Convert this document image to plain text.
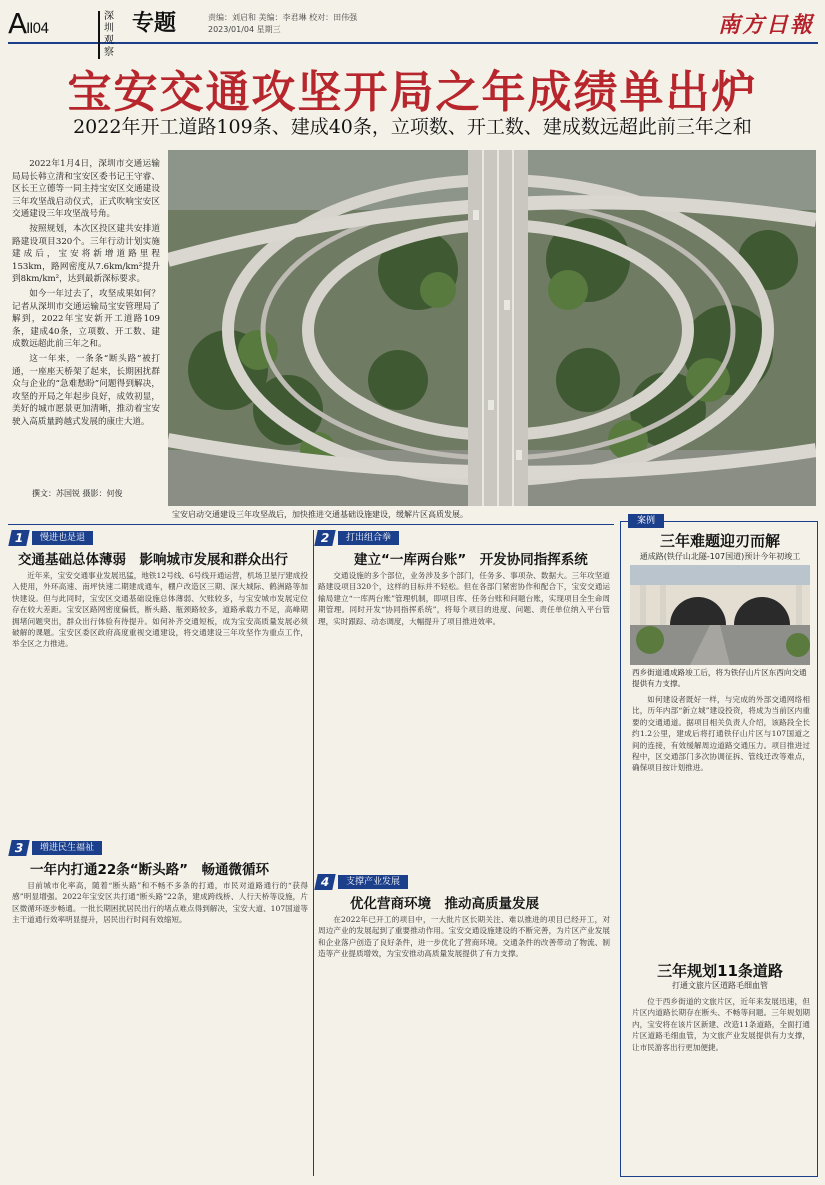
AII04
深圳观察
专题	责编：刘启和 美编：李君琳 校对：田伟强
2023/01/04 星期三	南方日報
宝安交通攻坚开局之年成绩单出炉
2022年开工道路109条、建成40条，立项数、开工数、建成数远超此前三年之和

2022年1月4日，深圳市交通运输局局长韩立清和宝安区委书记王守睿、区长王立德等一同主持宝安区交通建设三年攻坚战启动仪式，正式吹响宝安区交通建设三年攻坚战号角。

按照规划，本次区投区建共安排道路建设项目320个。三年行动计划实施建成后，宝安将新增道路里程153km，路网密度从7.6km/km²提升到8km/km²，达到最新深标要求。

如今一年过去了，攻坚成果如何？记者从深圳市交通运输局宝安管理局了解到，2022年宝安新开工道路109条，建成40条，立项数、开工数、建成数远超此前三年之和。

这一年来，一条条“断头路”被打通，一座座天桥架了起来，长期困扰群众与企业的“急难愁盼”问题得到解决，攻坚的开局之年起步良好，成效初显，美好的城市愿景更加清晰，推动着宝安驶入高质量跨越式发展的康庄大道。

撰文：苏国锐 摄影：何俊
宝安启动交通建设三年攻坚战后，加快推进交通基础设施建设，缓解片区高质发展。
1	慢进也是退
交通基础总体薄弱　影响城市发展和群众出行

近年来，宝安交通事业发展迅猛，地铁12号线、6号线开通运营，机场卫星厅建成投入使用，外环高速、南坪快速二期建成通车，棚户改造区三期、深大城际、鹤洲路等加快建设。但与此同时，宝安区交通基础设施总体薄弱、欠账较多，与宝安城市发展定位存在较大差距。宝安区路网密度偏低，断头路、瓶颈路较多，道路承载力不足，高峰期拥堵问题突出，群众出行体验有待提升。如何补齐交通短板，成为宝安高质量发展必须破解的课题。宝安区委区政府高度重视交通建设，将交通建设三年攻坚作为重点工作，举全区之力推进。

2	打出组合拳
建立“一库两台账”　开发协同指挥系统

交通设施的多个部位，业务涉及多个部门，任务多、事项杂、数据大。三年攻坚道路建设项目320个，这样的目标并不轻松。但在各部门紧密协作和配合下，宝安交通运输局建立“一库两台账”管理机制，即项目库、任务台账和问题台账，实现项目全生命周期管理。同时开发“协同指挥系统”，将每个项目的进度、问题、责任单位纳入平台管理，实时跟踪、动态调度，大幅提升了项目推进效率。

3	增进民生福祉
一年内打通22条“断头路”　畅通微循环

目前城市化率高，随着“断头路”和不畅不多条的打通，市民对道路通行的“获得感”明显增强。2022年宝安区共打通“断头路”22条，建成跨线桥、人行天桥等设施，片区微循环逐步畅通。一批长期困扰居民出行的堵点难点得到解决，宝安大道、107国道等主干道通行效率明显提升，居民出行时间有效缩短。

4	支撑产业发展
优化营商环境　推动高质量发展

在2022年已开工的项目中，一大批片区长期关注、难以推进的项目已经开工，对周边产业的发展起到了重要推动作用。宝安交通设施建设的不断完善，为片区产业发展和企业落户创造了良好条件，进一步优化了营商环境。交通条件的改善带动了物流、制造等产业提质增效，为宝安推动高质量发展提供了有力支撑。

案例
三年难题迎刃而解
通成路(铁仔山北隧-107国道)预计今年初竣工
西乡街道通成路竣工后，将为铁仔山片区东西向交通提供有力支撑。

如何建设者既好一样，与完成的外部交通网络相比，历年内部“新立城”建设投资，将成为当前区内重要的交通通道。据项目相关负责人介绍，该路段全长约1.2公里，建成后将打通铁仔山片区与107国道之间的连接，有效缓解周边道路交通压力。项目推进过程中，区交通部门多次协调征拆、管线迁改等难点，确保项目按计划推进。

三年规划11条道路
打通文旅片区道路毛细血管

位于西乡街道的文旅片区，近年来发展迅速，但片区内道路长期存在断头、不畅等问题。三年规划期内，宝安将在该片区新建、改造11条道路，全面打通片区道路毛细血管，为文旅产业发展提供有力支撑，让市民游客出行更加便捷。
